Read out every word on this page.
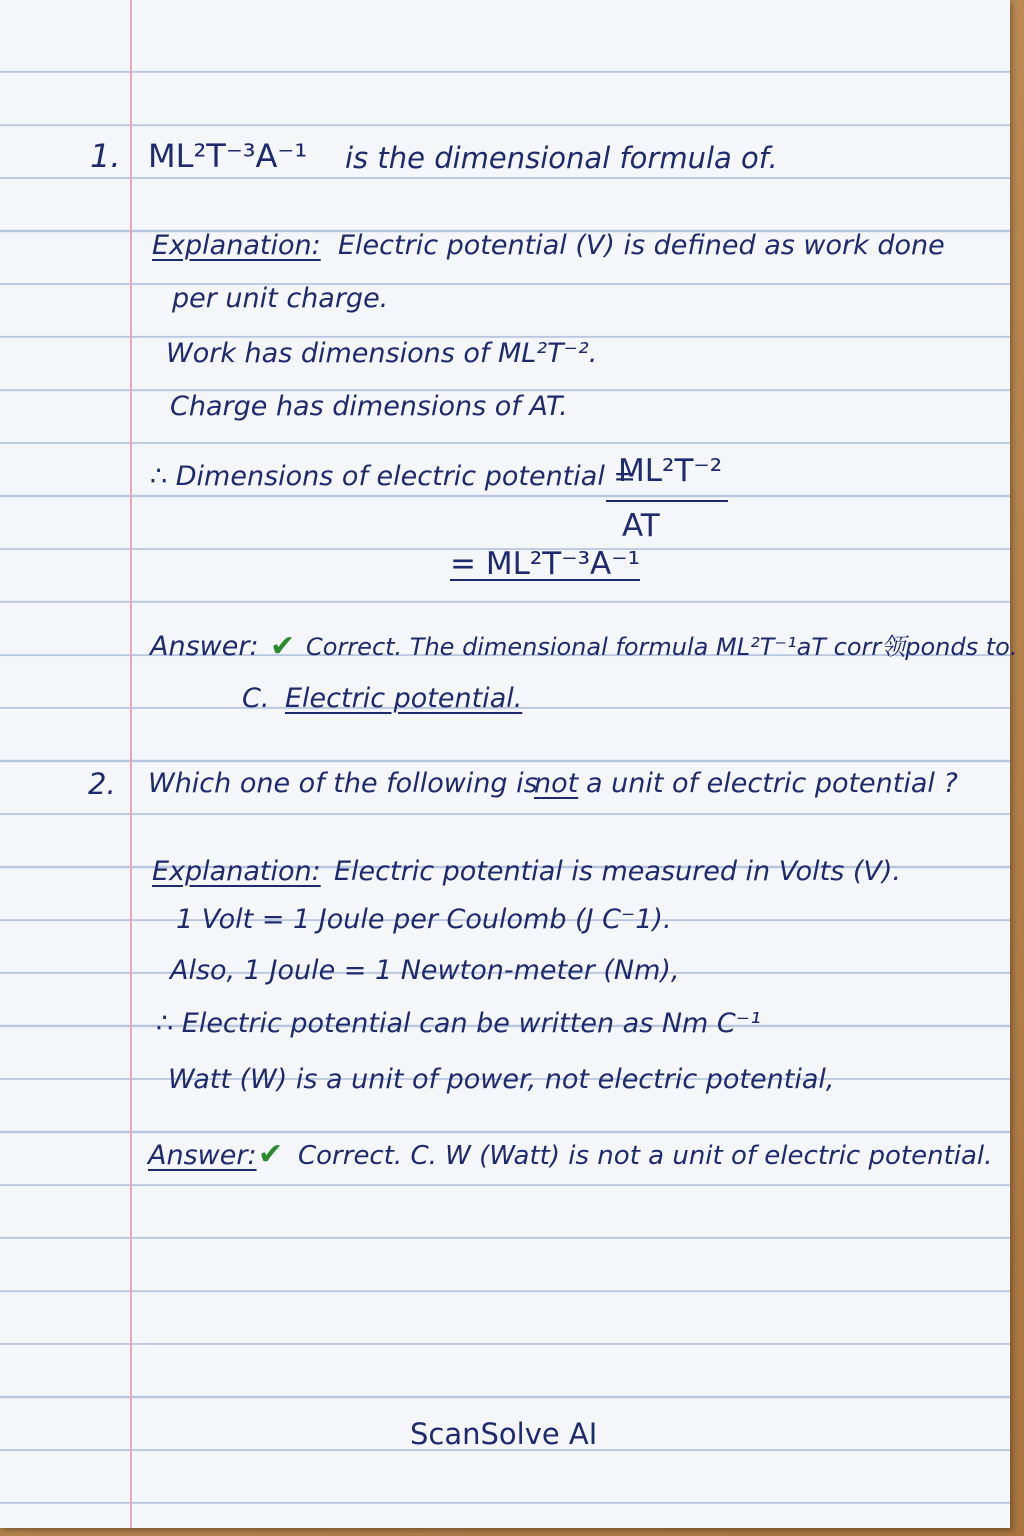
1. ML²T⁻³A⁻¹ is the dimensional formula of.
Explanation: Electric potential (V) is defined as work done
per unit charge.
Work has dimensions of ML²T⁻².
Charge has dimensions of AT.
∴ Dimensions of electric potential =
ML²T⁻²
AT
= ML²T⁻³A⁻¹
Answer: ✔ Correct. The dimensional formula ML²T⁻¹aT corr领ponds to.
C. Electric potential.
2. Which one of the following is
not a unit of electric potential ?
Explanation: Electric potential is measured in Volts (V).
1 Volt = 1 Joule per Coulomb (J C⁻1).
Also, 1 Joule = 1 Newton-meter (Nm),
∴ Electric potential can be written as Nm C⁻¹
Watt (W) is a unit of power, not electric potential,
Answer: ✔ Correct. C. W (Watt) is not a unit of electric potential.
ScanSolve AI
